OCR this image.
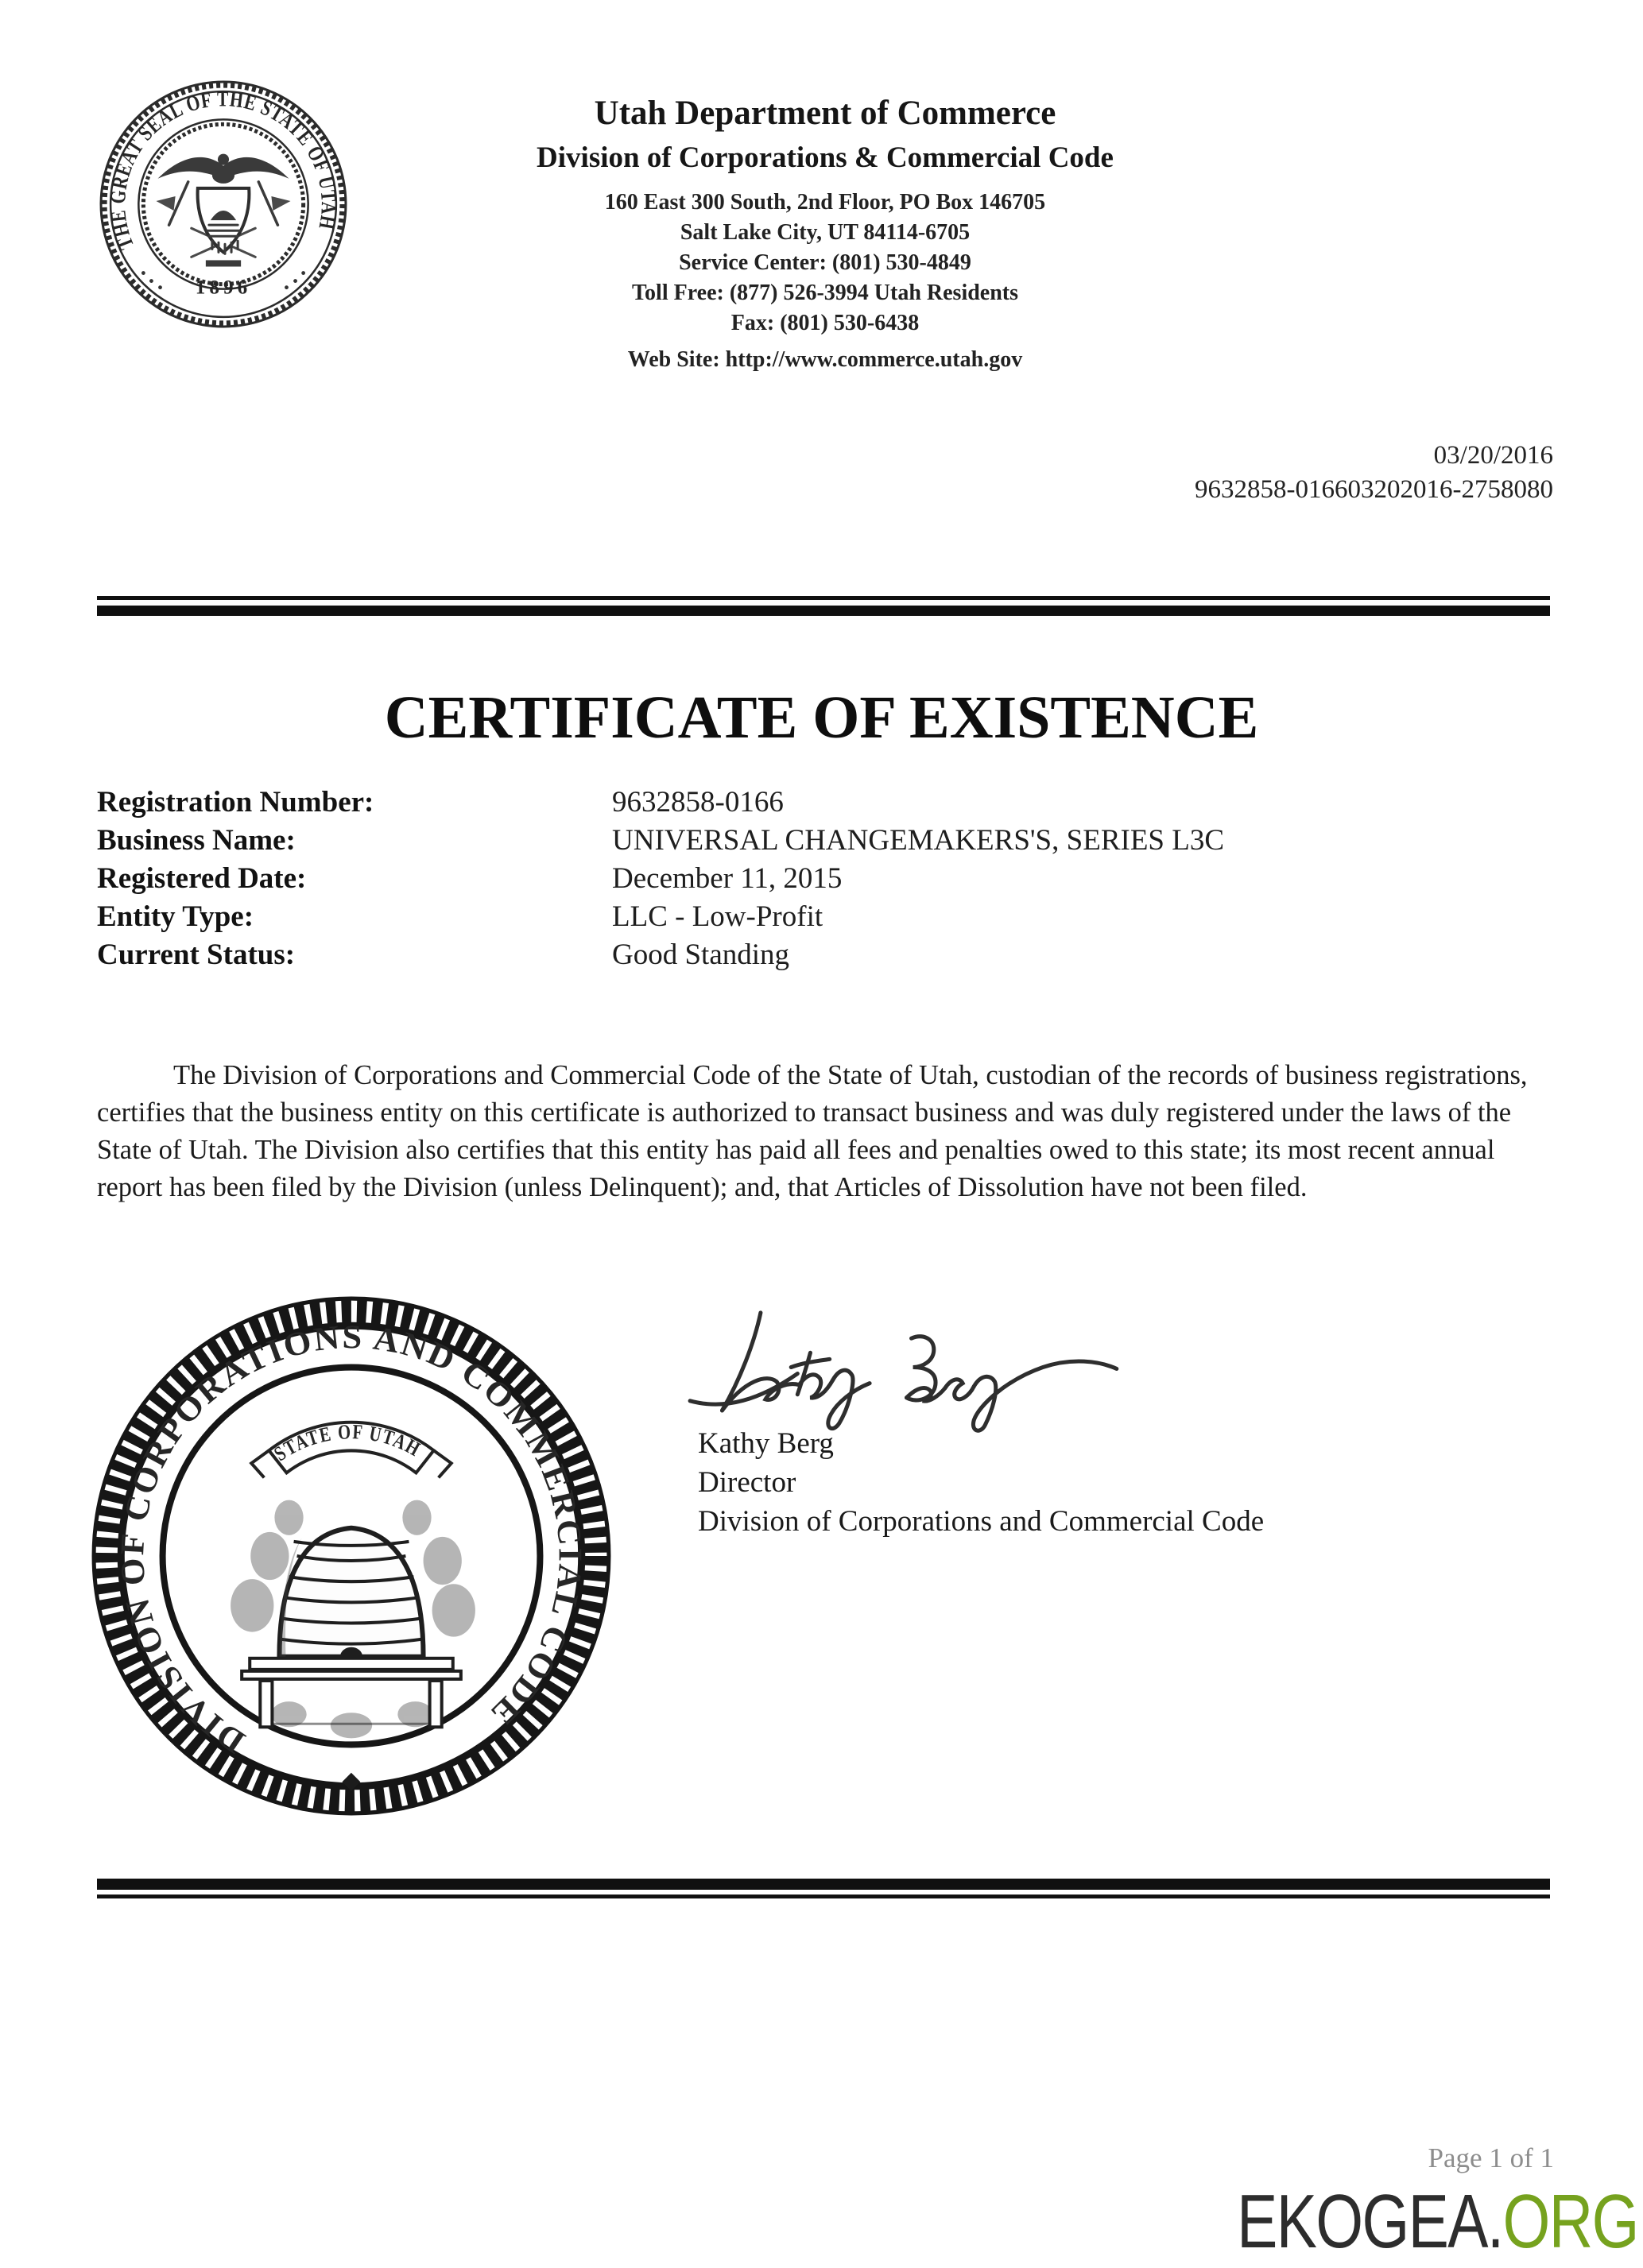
THE GREAT SEAL OF THE STATE OF UTAH
1896
Utah Department of Commerce
Division of Corporations & Commercial Code
160 East 300 South, 2nd Floor, PO Box 146705
Salt Lake City, UT 84114-6705
Service Center: (801) 530-4849
Toll Free: (877) 526-3994 Utah Residents
Fax: (801) 530-6438
Web Site: http://www.commerce.utah.gov
03/20/2016
9632858-016603202016-2758080
CERTIFICATE OF EXISTENCE
Registration Number:	9632858-0166
Business Name:	UNIVERSAL CHANGEMAKERS'S, SERIES L3C
Registered Date:	December 11, 2015
Entity Type:	LLC - Low-Profit
Current Status:	Good Standing
The Division of Corporations and Commercial Code of the State of Utah, custodian of the records of business registrations, certifies that the business entity on this certificate is authorized to transact business and was duly registered under the laws of the State of Utah. The Division also certifies that this entity has paid all fees and penalties owed to this state; its most recent annual report has been filed by the Division (unless Delinquent); and, that Articles of Dissolution have not been filed.
DIVISION OF CORPORATIONS AND COMMERCIAL CODE
◆
STATE OF UTAH	Kathy Berg
Director
Division of Corporations and Commercial Code
Page 1 of 1
EKOGEA.ORG
